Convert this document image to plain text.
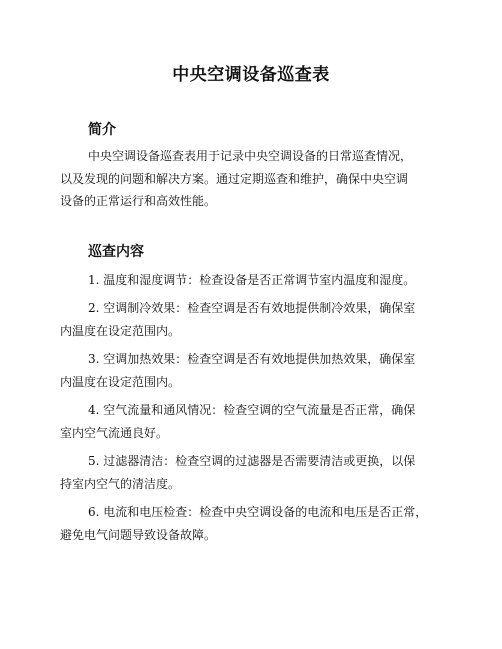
中央空调设备巡查表
简介
中央空调设备巡查表用于记录中央空调设备的日常巡查情况，
以及发现的问题和解决方案。通过定期巡查和维护，确保中央空调
设备的正常运行和高效性能。
巡查内容
1. 温度和湿度调节：检查设备是否正常调节室内温度和湿度。
2. 空调制冷效果：检查空调是否有效地提供制冷效果，确保室
内温度在设定范围内。
3. 空调加热效果：检查空调是否有效地提供加热效果，确保室
内温度在设定范围内。
4. 空气流量和通风情况：检查空调的空气流量是否正常，确保
室内空气流通良好。
5. 过滤器清洁：检查空调的过滤器是否需要清洁或更换，以保
持室内空气的清洁度。
6. 电流和电压检查：检查中央空调设备的电流和电压是否正常，
避免电气问题导致设备故障。
